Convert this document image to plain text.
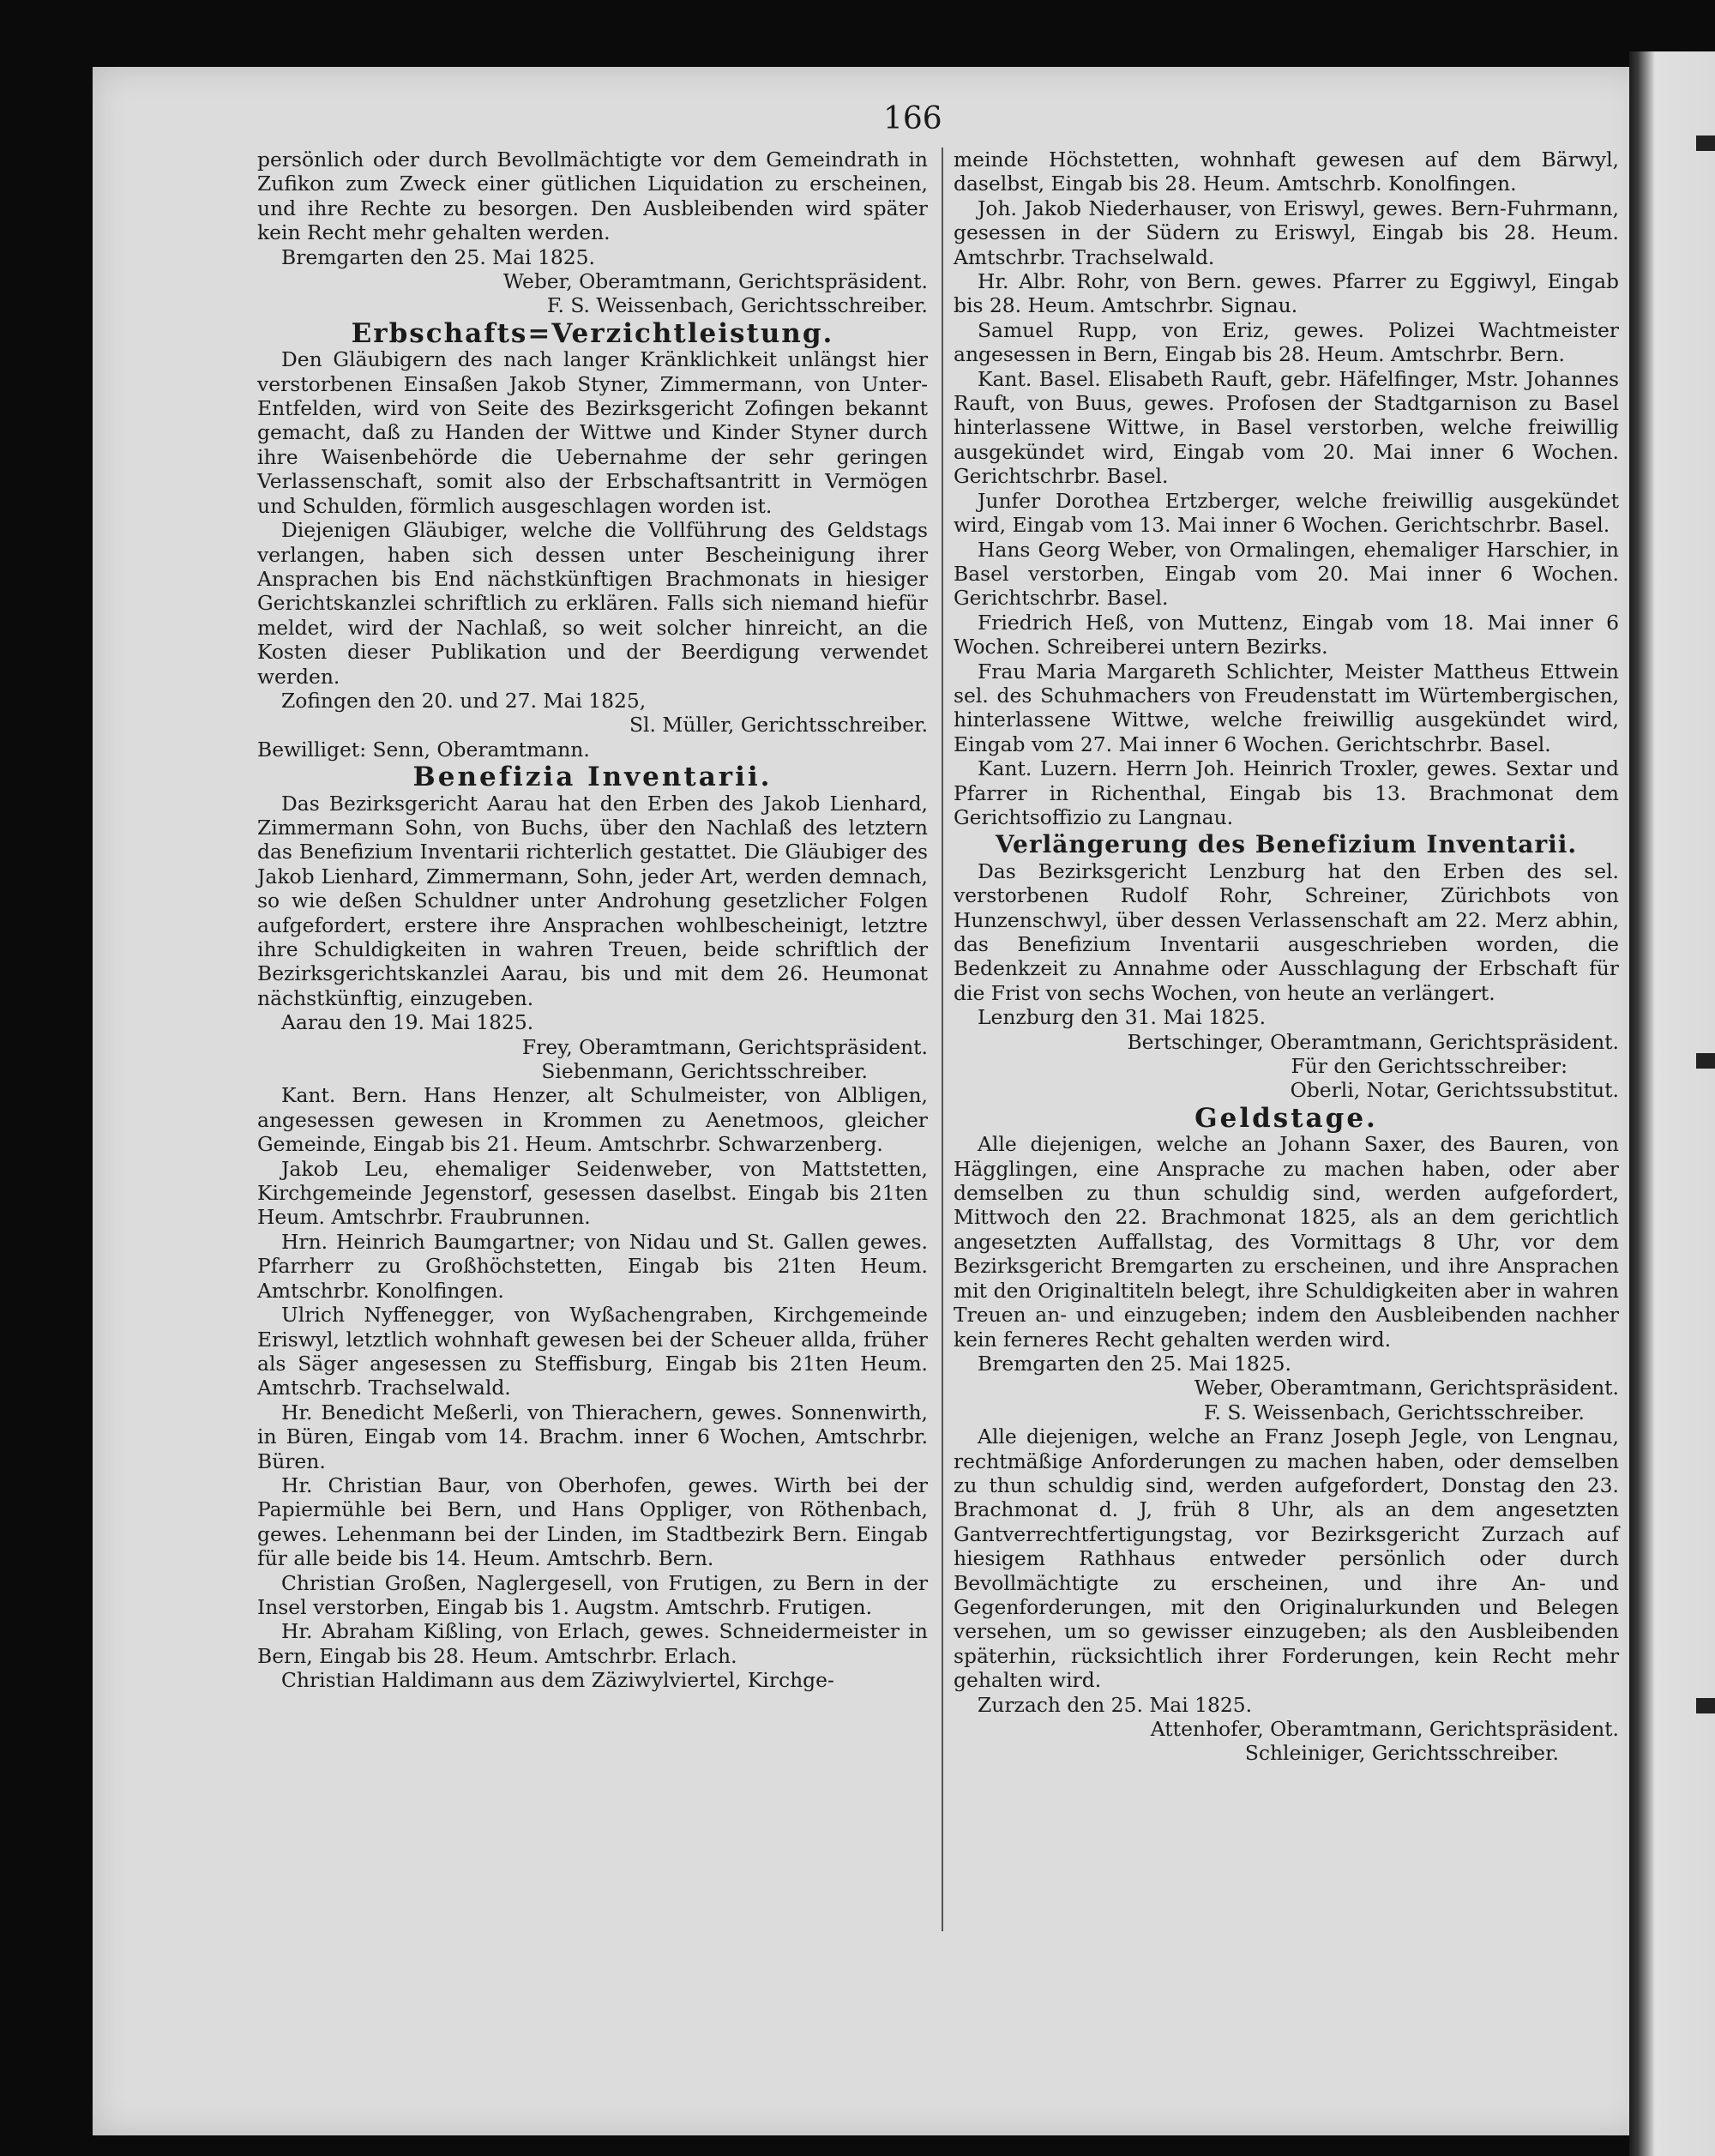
166

persönlich oder durch Bevollmächtigte vor dem Gemeindrath in Zufikon zum Zweck einer gütlichen Liquidation zu erscheinen, und ihre Rechte zu besorgen. Den Ausbleibenden wird später kein Recht mehr gehalten werden.

Bremgarten den 25. Mai 1825.

Weber, Oberamtmann, Gerichtspräsident.

F. S. Weissenbach, Gerichtsschreiber.

Erbschafts=Verzichtleistung.

Den Gläubigern des nach langer Kränklichkeit unlängst hier verstorbenen Einsaßen Jakob Styner, Zimmermann, von Unter-Entfelden, wird von Seite des Bezirksgericht Zofingen bekannt gemacht, daß zu Handen der Wittwe und Kinder Styner durch ihre Waisenbehörde die Uebernahme der sehr geringen Verlassenschaft, somit also der Erbschaftsantritt in Vermögen und Schulden, förmlich ausgeschlagen worden ist.

Diejenigen Gläubiger, welche die Vollführung des Geldstags verlangen, haben sich dessen unter Bescheinigung ihrer Ansprachen bis End nächstkünftigen Brachmonats in hiesiger Gerichtskanzlei schriftlich zu erklären. Falls sich niemand hiefür meldet, wird der Nachlaß, so weit solcher hinreicht, an die Kosten dieser Publikation und der Beerdigung verwendet werden.

Zofingen den 20. und 27. Mai 1825,

Sl. Müller, Gerichtsschreiber.

Bewilliget: Senn, Oberamtmann.

Benefizia Inventarii.

Das Bezirksgericht Aarau hat den Erben des Jakob Lienhard, Zimmermann Sohn, von Buchs, über den Nachlaß des letztern das Benefizium Inventarii richterlich gestattet. Die Gläubiger des Jakob Lienhard, Zimmermann, Sohn, jeder Art, werden demnach, so wie deßen Schuldner unter Androhung gesetzlicher Folgen aufgefordert, erstere ihre Ansprachen wohlbescheinigt, letztre ihre Schuldigkeiten in wahren Treuen, beide schriftlich der Bezirksgerichtskanzlei Aarau, bis und mit dem 26. Heumonat nächstkünftig, einzugeben.

Aarau den 19. Mai 1825.

Frey, Oberamtmann, Gerichtspräsident.

Siebenmann, Gerichtsschreiber.

Kant. Bern. Hans Henzer, alt Schulmeister, von Albligen, angesessen gewesen in Krommen zu Aenetmoos, gleicher Gemeinde, Eingab bis 21. Heum. Amtschrbr. Schwarzenberg.

Jakob Leu, ehemaliger Seidenweber, von Mattstetten, Kirchgemeinde Jegenstorf, gesessen daselbst. Eingab bis 21ten Heum. Amtschrbr. Fraubrunnen.

Hrn. Heinrich Baumgartner; von Nidau und St. Gallen gewes. Pfarrherr zu Großhöchstetten, Eingab bis 21ten Heum. Amtschrbr. Konolfingen.

Ulrich Nyffenegger, von Wyßachengraben, Kirchgemeinde Eriswyl, letztlich wohnhaft gewesen bei der Scheuer allda, früher als Säger angesessen zu Steffisburg, Eingab bis 21ten Heum. Amtschrb. Trachselwald.

Hr. Benedicht Meßerli, von Thierachern, gewes. Sonnenwirth, in Büren, Eingab vom 14. Brachm. inner 6 Wochen, Amtschrbr. Büren.

Hr. Christian Baur, von Oberhofen, gewes. Wirth bei der Papiermühle bei Bern, und Hans Oppliger, von Röthenbach, gewes. Lehenmann bei der Linden, im Stadtbezirk Bern. Eingab für alle beide bis 14. Heum. Amtschrb. Bern.

Christian Großen, Naglergesell, von Frutigen, zu Bern in der Insel verstorben, Eingab bis 1. Augstm. Amtschrb. Frutigen.

Hr. Abraham Kißling, von Erlach, gewes. Schneidermeister in Bern, Eingab bis 28. Heum. Amtschrbr. Erlach.

Christian Haldimann aus dem Zäziwylviertel, Kirchge-

meinde Höchstetten, wohnhaft gewesen auf dem Bärwyl, daselbst, Eingab bis 28. Heum. Amtschrb. Konolfingen.

Joh. Jakob Niederhauser, von Eriswyl, gewes. Bern-Fuhrmann, gesessen in der Südern zu Eriswyl, Eingab bis 28. Heum. Amtschrbr. Trachselwald.

Hr. Albr. Rohr, von Bern. gewes. Pfarrer zu Eggiwyl, Eingab bis 28. Heum. Amtschrbr. Signau.

Samuel Rupp, von Eriz, gewes. Polizei Wachtmeister angesessen in Bern, Eingab bis 28. Heum. Amtschrbr. Bern.

Kant. Basel. Elisabeth Rauft, gebr. Häfelfinger, Mstr. Johannes Rauft, von Buus, gewes. Profosen der Stadtgarnison zu Basel hinterlassene Wittwe, in Basel verstorben, welche freiwillig ausgekündet wird, Eingab vom 20. Mai inner 6 Wochen. Gerichtschrbr. Basel.

Junfer Dorothea Ertzberger, welche freiwillig ausgekündet wird, Eingab vom 13. Mai inner 6 Wochen. Gerichtschrbr. Basel.

Hans Georg Weber, von Ormalingen, ehemaliger Harschier, in Basel verstorben, Eingab vom 20. Mai inner 6 Wochen. Gerichtschrbr. Basel.

Friedrich Heß, von Muttenz, Eingab vom 18. Mai inner 6 Wochen. Schreiberei untern Bezirks.

Frau Maria Margareth Schlichter, Meister Mattheus Ettwein sel. des Schuhmachers von Freudenstatt im Würtembergischen, hinterlassene Wittwe, welche freiwillig ausgekündet wird, Eingab vom 27. Mai inner 6 Wochen. Gerichtschrbr. Basel.

Kant. Luzern. Herrn Joh. Heinrich Troxler, gewes. Sextar und Pfarrer in Richenthal, Eingab bis 13. Brachmonat dem Gerichtsoffizio zu Langnau.

Verlängerung des Benefizium Inventarii.

Das Bezirksgericht Lenzburg hat den Erben des sel. verstorbenen Rudolf Rohr, Schreiner, Zürichbots von Hunzenschwyl, über dessen Verlassenschaft am 22. Merz abhin, das Benefizium Inventarii ausgeschrieben worden, die Bedenkzeit zu Annahme oder Ausschlagung der Erbschaft für die Frist von sechs Wochen, von heute an verlängert.

Lenzburg den 31. Mai 1825.

Bertschinger, Oberamtmann, Gerichtspräsident.

Für den Gerichtsschreiber:

Oberli, Notar, Gerichtssubstitut.

Geldstage.

Alle diejenigen, welche an Johann Saxer, des Bauren, von Hägglingen, eine Ansprache zu machen haben, oder aber demselben zu thun schuldig sind, werden aufgefordert, Mittwoch den 22. Brachmonat 1825, als an dem gerichtlich angesetzten Auffallstag, des Vormittags 8 Uhr, vor dem Bezirksgericht Bremgarten zu erscheinen, und ihre Ansprachen mit den Originaltiteln belegt, ihre Schuldigkeiten aber in wahren Treuen an- und einzugeben; indem den Ausbleibenden nachher kein ferneres Recht gehalten werden wird.

Bremgarten den 25. Mai 1825.

Weber, Oberamtmann, Gerichtspräsident.

F. S. Weissenbach, Gerichtsschreiber.

Alle diejenigen, welche an Franz Joseph Jegle, von Lengnau, rechtmäßige Anforderungen zu machen haben, oder demselben zu thun schuldig sind, werden aufgefordert, Donstag den 23. Brachmonat d. J, früh 8 Uhr, als an dem angesetzten Gantverrechtfertigungstag, vor Bezirksgericht Zurzach auf hiesigem Rathhaus entweder persönlich oder durch Bevollmächtigte zu erscheinen, und ihre An- und Gegenforderungen, mit den Originalurkunden und Belegen versehen, um so gewisser einzugeben; als den Ausbleibenden späterhin, rücksichtlich ihrer Forderungen, kein Recht mehr gehalten wird.

Zurzach den 25. Mai 1825.

Attenhofer, Oberamtmann, Gerichtspräsident.

Schleiniger, Gerichtsschreiber.
